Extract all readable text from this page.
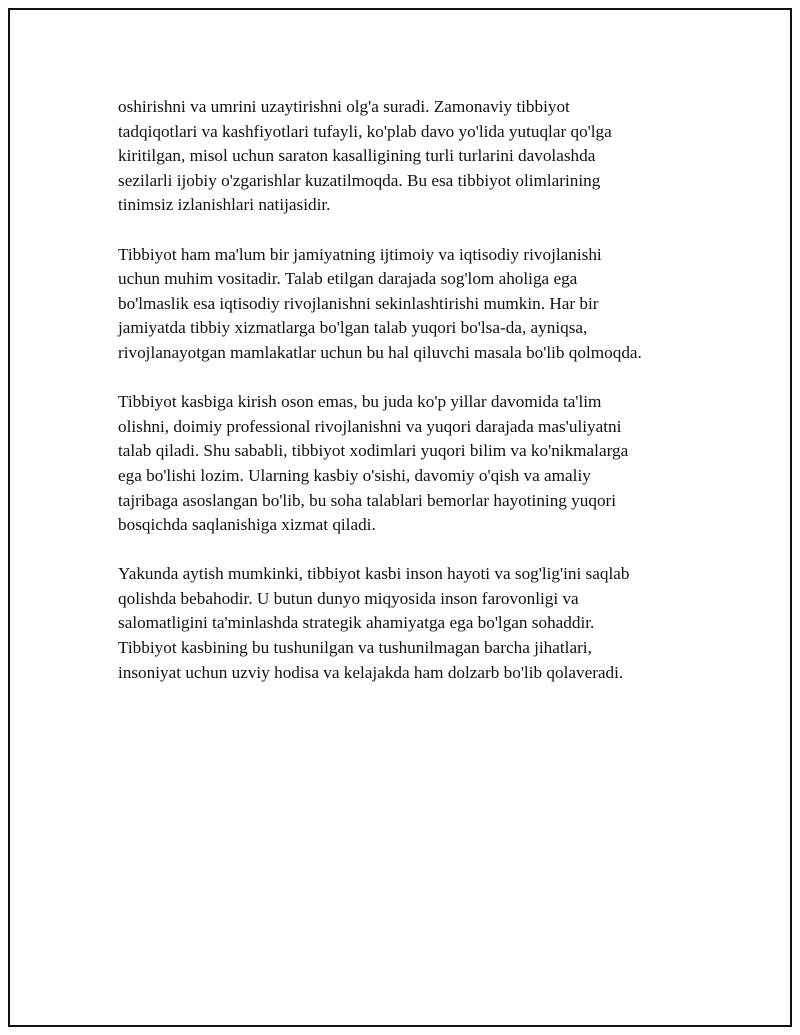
oshirishni va umrini uzaytirishni olg'a suradi. Zamonaviy tibbiyot
tadqiqotlari va kashfiyotlari tufayli, ko'plab davo yo'lida yutuqlar qo'lga
kiritilgan, misol uchun saraton kasalligining turli turlarini davolashda
sezilarli ijobiy o'zgarishlar kuzatilmoqda. Bu esa tibbiyot olimlarining
tinimsiz izlanishlari natijasidir.

Tibbiyot ham ma'lum bir jamiyatning ijtimoiy va iqtisodiy rivojlanishi
uchun muhim vositadir. Talab etilgan darajada sog'lom aholiga ega
bo'lmaslik esa iqtisodiy rivojlanishni sekinlashtirishi mumkin. Har bir
jamiyatda tibbiy xizmatlarga bo'lgan talab yuqori bo'lsa-da, ayniqsa,
rivojlanayotgan mamlakatlar uchun bu hal qiluvchi masala bo'lib qolmoqda.

Tibbiyot kasbiga kirish oson emas, bu juda ko'p yillar davomida ta'lim
olishni, doimiy professional rivojlanishni va yuqori darajada mas'uliyatni
talab qiladi. Shu sababli, tibbiyot xodimlari yuqori bilim va ko'nikmalarga
ega bo'lishi lozim. Ularning kasbiy o'sishi, davomiy o'qish va amaliy
tajribaga asoslangan bo'lib, bu soha talablari bemorlar hayotining yuqori
bosqichda saqlanishiga xizmat qiladi.

Yakunda aytish mumkinki, tibbiyot kasbi inson hayoti va sog'lig'ini saqlab
qolishda bebahodir. U butun dunyo miqyosida inson farovonligi va
salomatligini ta'minlashda strategik ahamiyatga ega bo'lgan sohaddir.
Tibbiyot kasbining bu tushunilgan va tushunilmagan barcha jihatlari,
insoniyat uchun uzviy hodisa va kelajakda ham dolzarb bo'lib qolaveradi.
